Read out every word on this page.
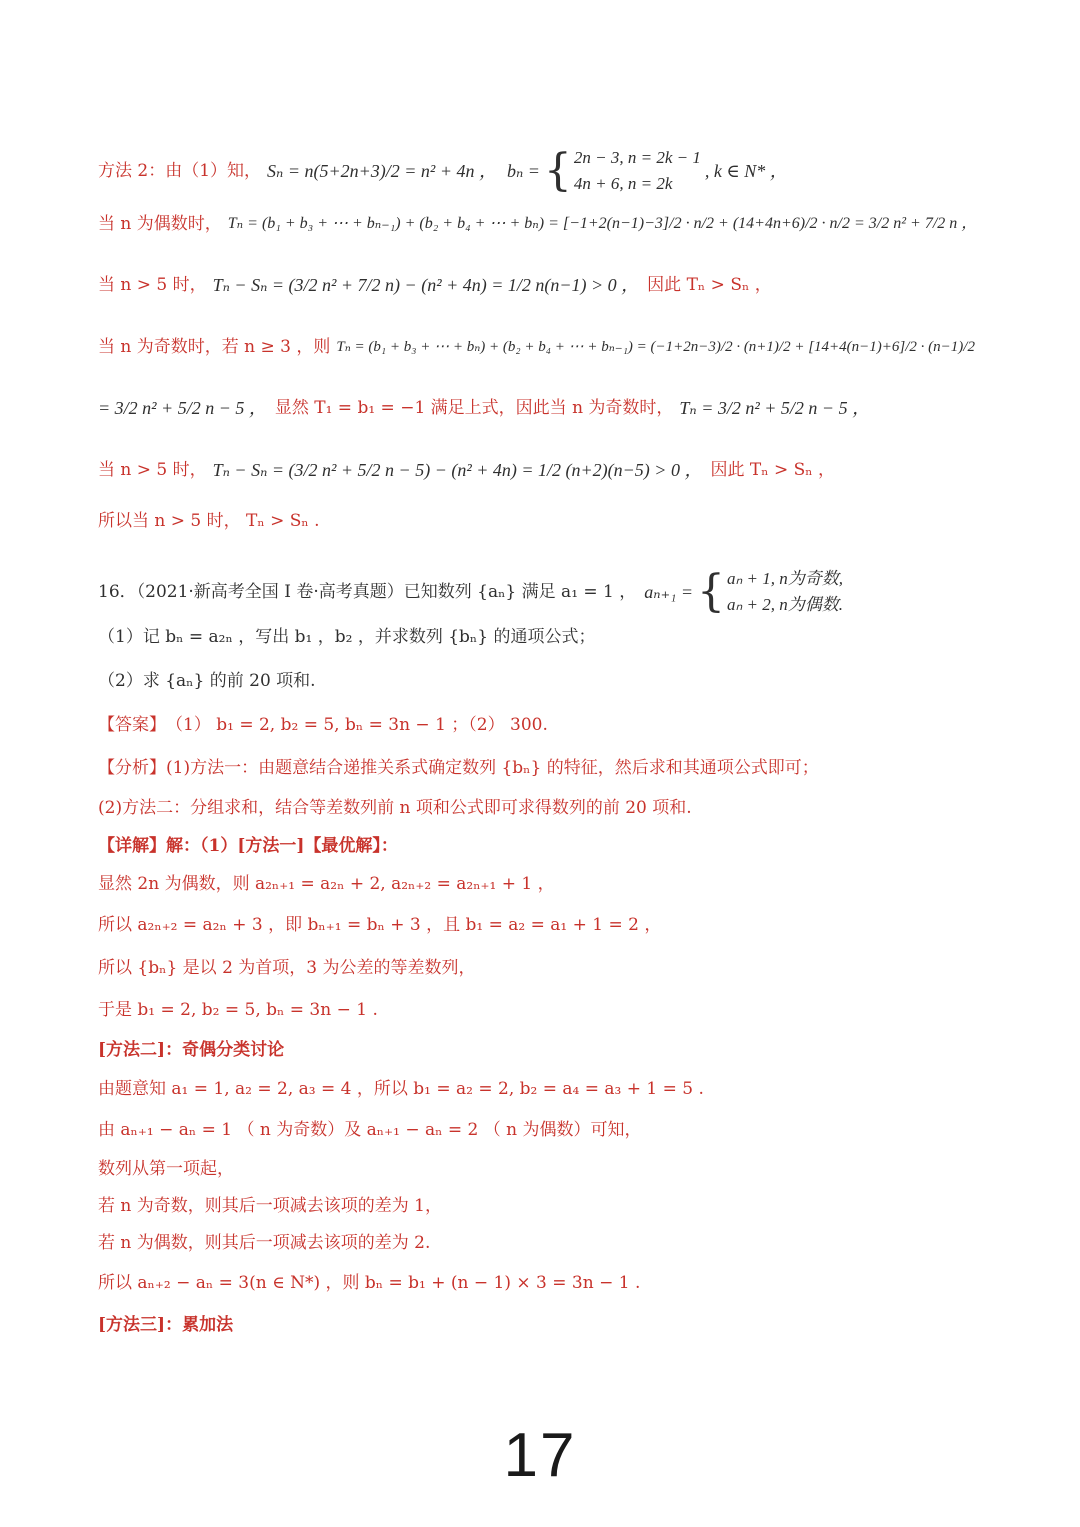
方法 2：由（1）知， Sₙ = n(5+2n+3)/2 = n² + 4n ， bₙ = { 2n − 3, n = 2k − 1
4n + 6, n = 2k
, k ∈ N* ，
当 n 为偶数时， Tₙ = (b₁ + b₃ + ⋯ + bₙ₋₁) + (b₂ + b₄ + ⋯ + bₙ) = [−1+2(n−1)−3]/2 · n/2 + (14+4n+6)/2 · n/2 = 3/2 n² + 7/2 n ，
当 n > 5 时， Tₙ − Sₙ = (3/2 n² + 7/2 n) − (n² + 4n) = 1/2 n(n−1) > 0 ， 因此 Tₙ > Sₙ ，
当 n 为奇数时，若 n ≥ 3 ，则 Tₙ = (b₁ + b₃ + ⋯ + bₙ) + (b₂ + b₄ + ⋯ + bₙ₋₁) = (−1+2n−3)/2 · (n+1)/2 + [14+4(n−1)+6]/2 · (n−1)/2
= 3/2 n² + 5/2 n − 5 ， 显然 T₁ = b₁ = −1 满足上式，因此当 n 为奇数时， Tₙ = 3/2 n² + 5/2 n − 5 ，
当 n > 5 时， Tₙ − Sₙ = (3/2 n² + 5/2 n − 5) − (n² + 4n) = 1/2 (n+2)(n−5) > 0 ， 因此 Tₙ > Sₙ ，
所以当 n > 5 时， Tₙ > Sₙ .
16．（2021·新高考全国 I 卷·高考真题）已知数列 {aₙ} 满足 a₁ = 1 ， aₙ₊₁ = { aₙ + 1, n为奇数,
aₙ + 2, n为偶数.
（1）记 bₙ = a₂ₙ ，写出 b₁ ，b₂ ，并求数列 {bₙ} 的通项公式；
（2）求 {aₙ} 的前 20 项和.
【答案】 （1） b₁ = 2, b₂ = 5, bₙ = 3n − 1 ；（2） 300.
【分析】 (1)方法一：由题意结合递推关系式确定数列 {bₙ} 的特征，然后求和其通项公式即可；
(2)方法二：分组求和，结合等差数列前 n 项和公式即可求得数列的前 20 项和.
【详解】 解：（1）[方法一]【最优解】：
显然 2n 为偶数，则 a₂ₙ₊₁ = a₂ₙ + 2, a₂ₙ₊₂ = a₂ₙ₊₁ + 1 ，
所以 a₂ₙ₊₂ = a₂ₙ + 3 ，即 bₙ₊₁ = bₙ + 3 ，且 b₁ = a₂ = a₁ + 1 = 2 ，
所以 {bₙ} 是以 2 为首项，3 为公差的等差数列，
于是 b₁ = 2, b₂ = 5, bₙ = 3n − 1 .
[方法二]：奇偶分类讨论
由题意知 a₁ = 1, a₂ = 2, a₃ = 4 ，所以 b₁ = a₂ = 2, b₂ = a₄ = a₃ + 1 = 5 .
由 aₙ₊₁ − aₙ = 1 （ n 为奇数）及 aₙ₊₁ − aₙ = 2 （ n 为偶数）可知，
数列从第一项起，
若 n 为奇数，则其后一项减去该项的差为 1，
若 n 为偶数，则其后一项减去该项的差为 2.
所以 aₙ₊₂ − aₙ = 3(n ∈ N*) ，则 bₙ = b₁ + (n − 1) × 3 = 3n − 1 .
[方法三]：累加法
17
